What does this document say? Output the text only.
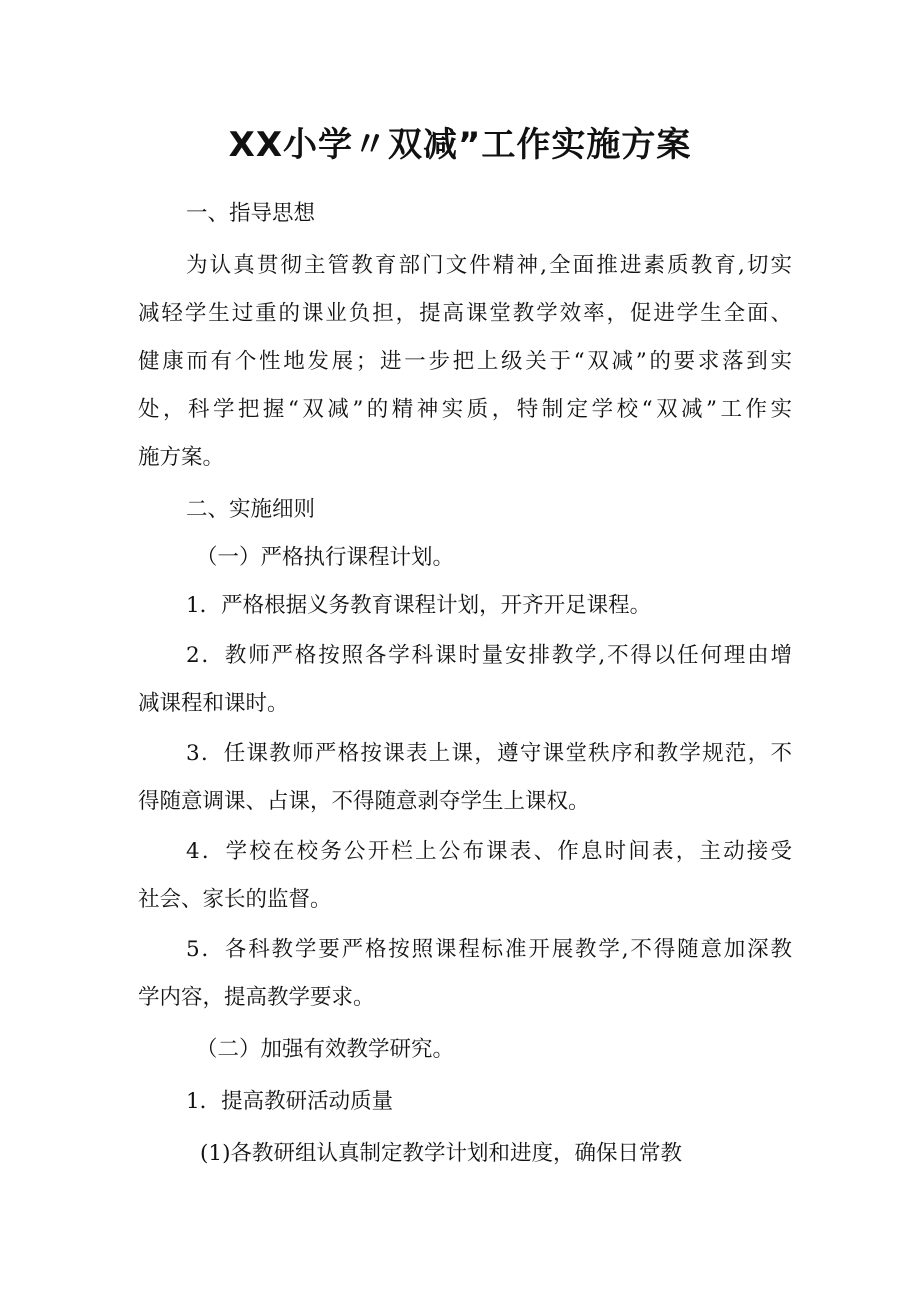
XX小学〃双减”工作实施方案

一、指导思想

为认真贯彻主管教育部门文件精神,全面推进素质教育,切实

减轻学生过重的课业负担，提高课堂教学效率，促进学生全面、

健康而有个性地发展；进一步把上级关于“双减”的要求落到实

处，科学把握“双减”的精神实质，特制定学校“双减”工作实

施方案。

二、实施细则

（一）严格执行课程计划。

1．严格根据义务教育课程计划，开齐开足课程。

2．教师严格按照各学科课时量安排教学,不得以任何理由增

减课程和课时。

3．任课教师严格按课表上课，遵守课堂秩序和教学规范，不

得随意调课、占课，不得随意剥夺学生上课权。

4．学校在校务公开栏上公布课表、作息时间表，主动接受

社会、家长的监督。

5．各科教学要严格按照课程标准开展教学,不得随意加深教

学内容，提高教学要求。

（二）加强有效教学研究。

1．提高教研活动质量

(1)各教研组认真制定教学计划和进度，确保日常教
